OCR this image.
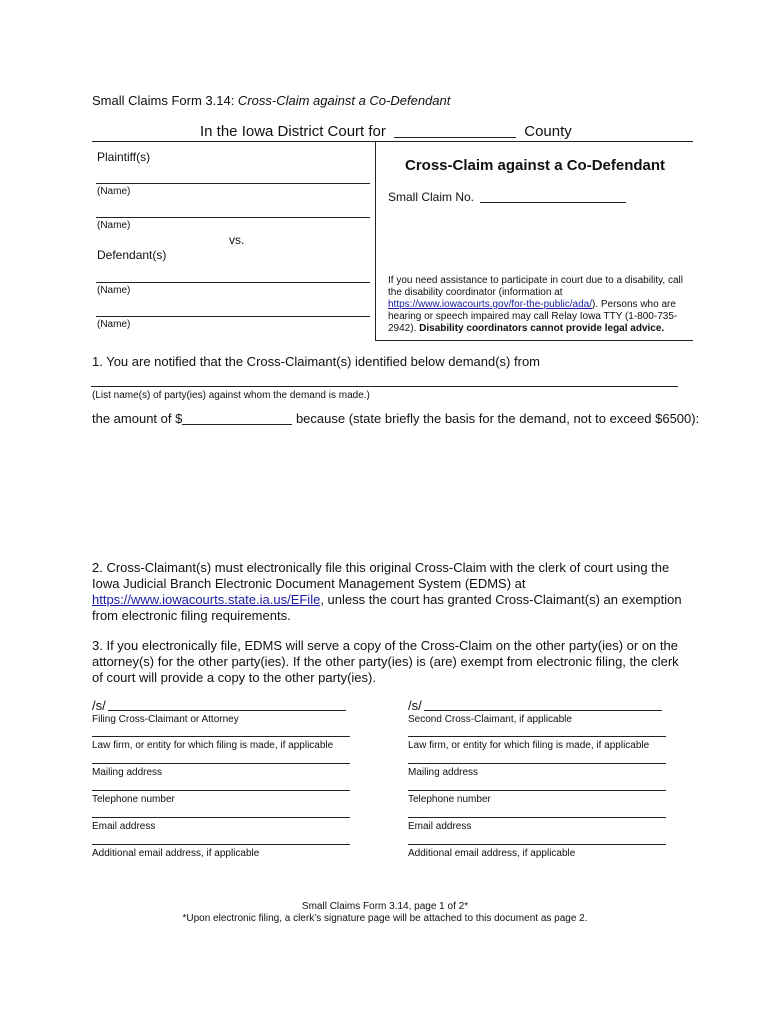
Small Claims Form 3.14: Cross-Claim against a Co-Defendant
In the Iowa District Court for	County
Plaintiff(s)
(Name)
(Name)
vs.
Defendant(s)
(Name)
(Name)
Cross-Claim against a Co-Defendant
Small Claim No.
If you need assistance to participate in court due to a disability, call the disability coordinator (information at https://www.iowacourts.gov/for-the-public/ada/). Persons who are hearing or speech impaired may call Relay Iowa TTY (1-800-735-2942). Disability coordinators cannot provide legal advice.
1. You are notified that the Cross-Claimant(s) identified below demand(s) from
(List name(s) of party(ies) against whom the demand is made.)
the amount of $	because (state briefly the basis for the demand, not to exceed $6500):
2. Cross-Claimant(s) must electronically file this original Cross-Claim with the clerk of court using the Iowa Judicial Branch Electronic Document Management System (EDMS) at https://www.iowacourts.state.ia.us/EFile, unless the court has granted Cross-Claimant(s) an exemption from electronic filing requirements.
3. If you electronically file, EDMS will serve a copy of the Cross-Claim on the other party(ies) or on the attorney(s) for the other party(ies). If the other party(ies) is (are) exempt from electronic filing, the clerk of court will provide a copy to the other party(ies).
/s/
Filing Cross-Claimant or Attorney
Law firm, or entity for which filing is made, if applicable
Mailing address
Telephone number
Email address
Additional email address, if applicable
/s/
Second Cross-Claimant, if applicable
Law firm, or entity for which filing is made, if applicable
Mailing address
Telephone number
Email address
Additional email address, if applicable
Small Claims Form 3.14, page 1 of 2*
*Upon electronic filing, a clerk’s signature page will be attached to this document as page 2.
